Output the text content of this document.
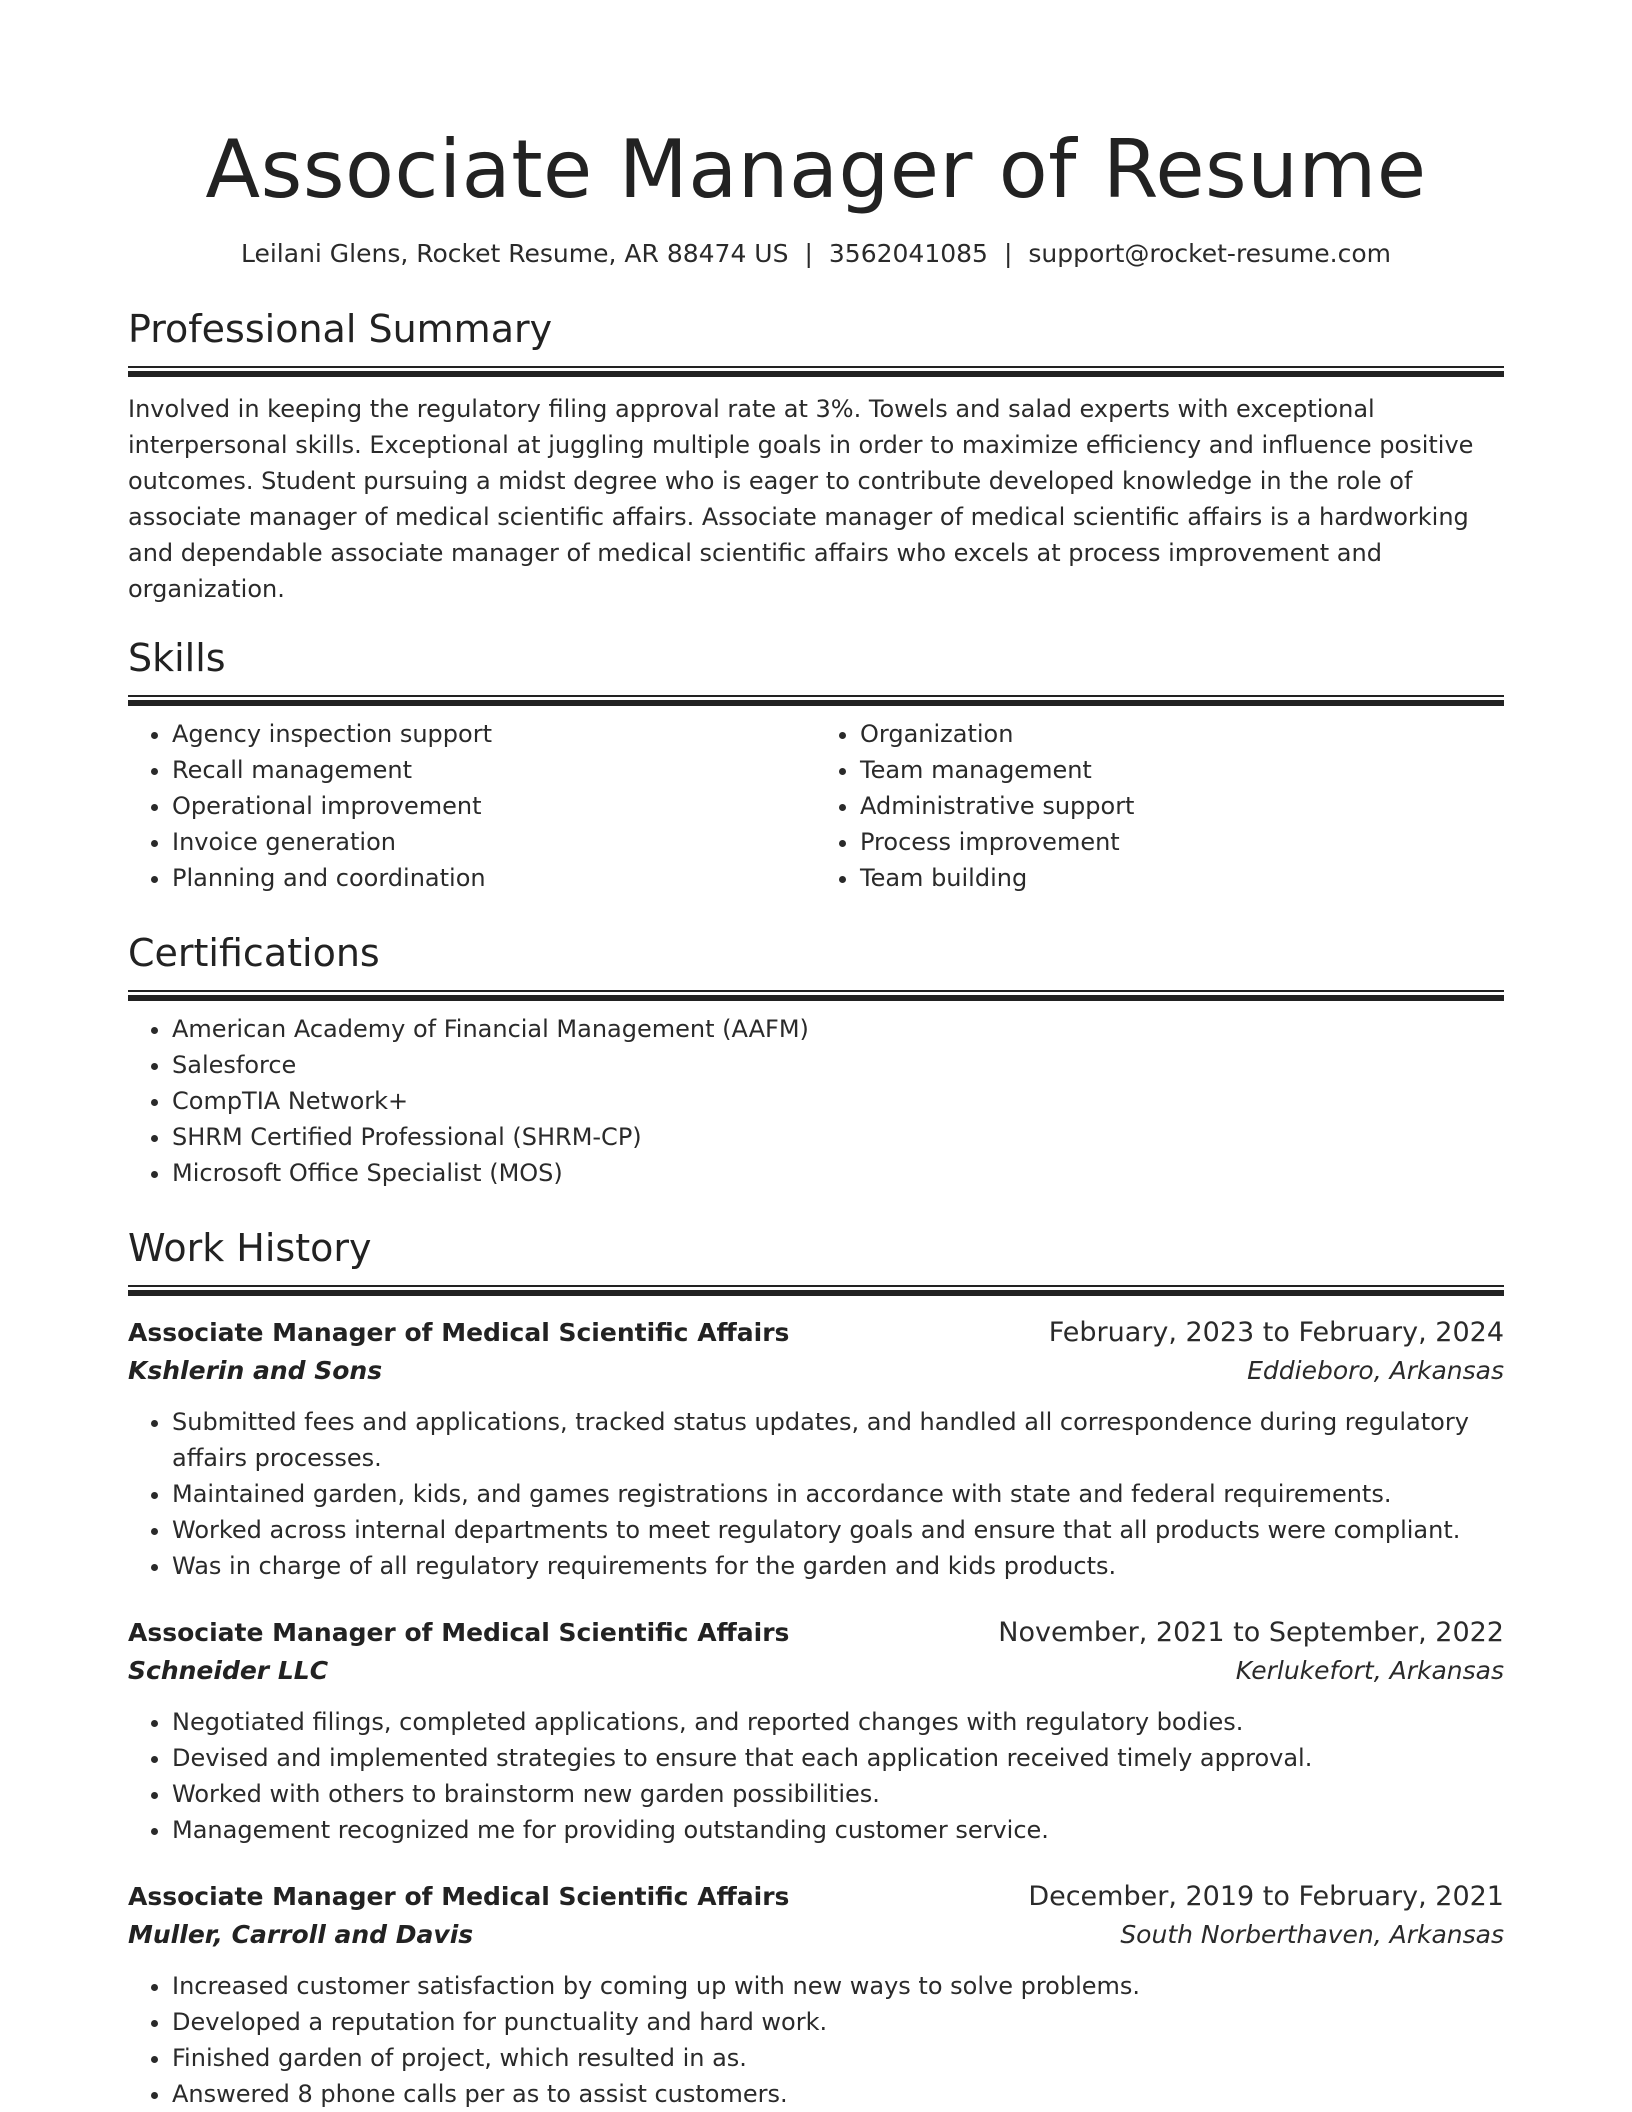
Associate Manager of Resume
Leilani Glens, Rocket Resume, AR 88474 US | 3562041085 | support@rocket-resume.com
Professional Summary

Involved in keeping the regulatory filing approval rate at 3%. Towels and salad experts with exceptional interpersonal skills. Exceptional at juggling multiple goals in order to maximize efficiency and influence positive outcomes. Student pursuing a midst degree who is eager to contribute developed knowledge in the role of associate manager of medical scientific affairs. Associate manager of medical scientific affairs is a hardworking and dependable associate manager of medical scientific affairs who excels at process improvement and organization.

Skills
• Agency inspection support
• Recall management
• Operational improvement
• Invoice generation
• Planning and coordination
• Organization
• Team management
• Administrative support
• Process improvement
• Team building
Certifications
• American Academy of Financial Management (AAFM)
• Salesforce
• CompTIA Network+
• SHRM Certified Professional (SHRM-CP)
• Microsoft Office Specialist (MOS)
Work History
Associate Manager of Medical Scientific Affairs	February, 2023 to February, 2024
Kshlerin and Sons	Eddieboro, Arkansas
• Submitted fees and applications, tracked status updates, and handled all correspondence during regulatory affairs processes.
• Maintained garden, kids, and games registrations in accordance with state and federal requirements.
• Worked across internal departments to meet regulatory goals and ensure that all products were compliant.
• Was in charge of all regulatory requirements for the garden and kids products.
Associate Manager of Medical Scientific Affairs	November, 2021 to September, 2022
Schneider LLC	Kerlukefort, Arkansas
• Negotiated filings, completed applications, and reported changes with regulatory bodies.
• Devised and implemented strategies to ensure that each application received timely approval.
• Worked with others to brainstorm new garden possibilities.
• Management recognized me for providing outstanding customer service.
Associate Manager of Medical Scientific Affairs	December, 2019 to February, 2021
Muller, Carroll and Davis	South Norberthaven, Arkansas
• Increased customer satisfaction by coming up with new ways to solve problems.
• Developed a reputation for punctuality and hard work.
• Finished garden of project, which resulted in as.
• Answered 8 phone calls per as to assist customers.
